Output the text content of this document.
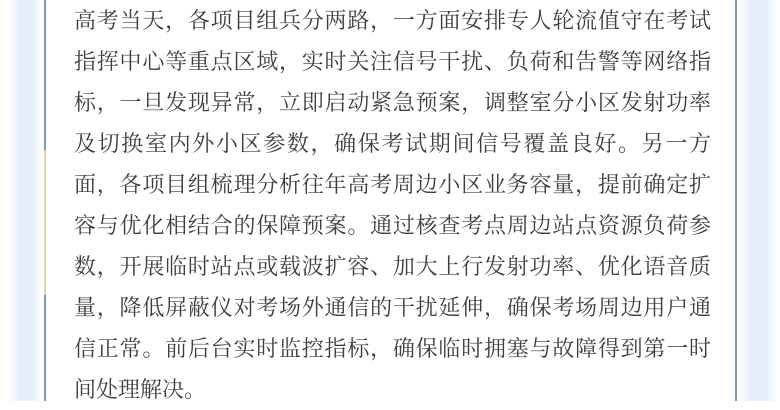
高考当天，各项目组兵分两路，一方面安排专人轮流值守在考试指挥中心等重点区域，实时关注信号干扰、负荷和告警等网络指标，一旦发现异常，立即启动紧急预案，调整室分小区发射功率及切换室内外小区参数，确保考试期间信号覆盖良好。另一方面，各项目组梳理分析往年高考周边小区业务容量，提前确定扩容与优化相结合的保障预案。通过核查考点周边站点资源负荷参数，开展临时站点或载波扩容、加大上行发射功率、优化语音质量，降低屏蔽仪对考场外通信的干扰延伸，确保考场周边用户通信正常。前后台实时监控指标，确保临时拥塞与故障得到第一时间处理解决。
